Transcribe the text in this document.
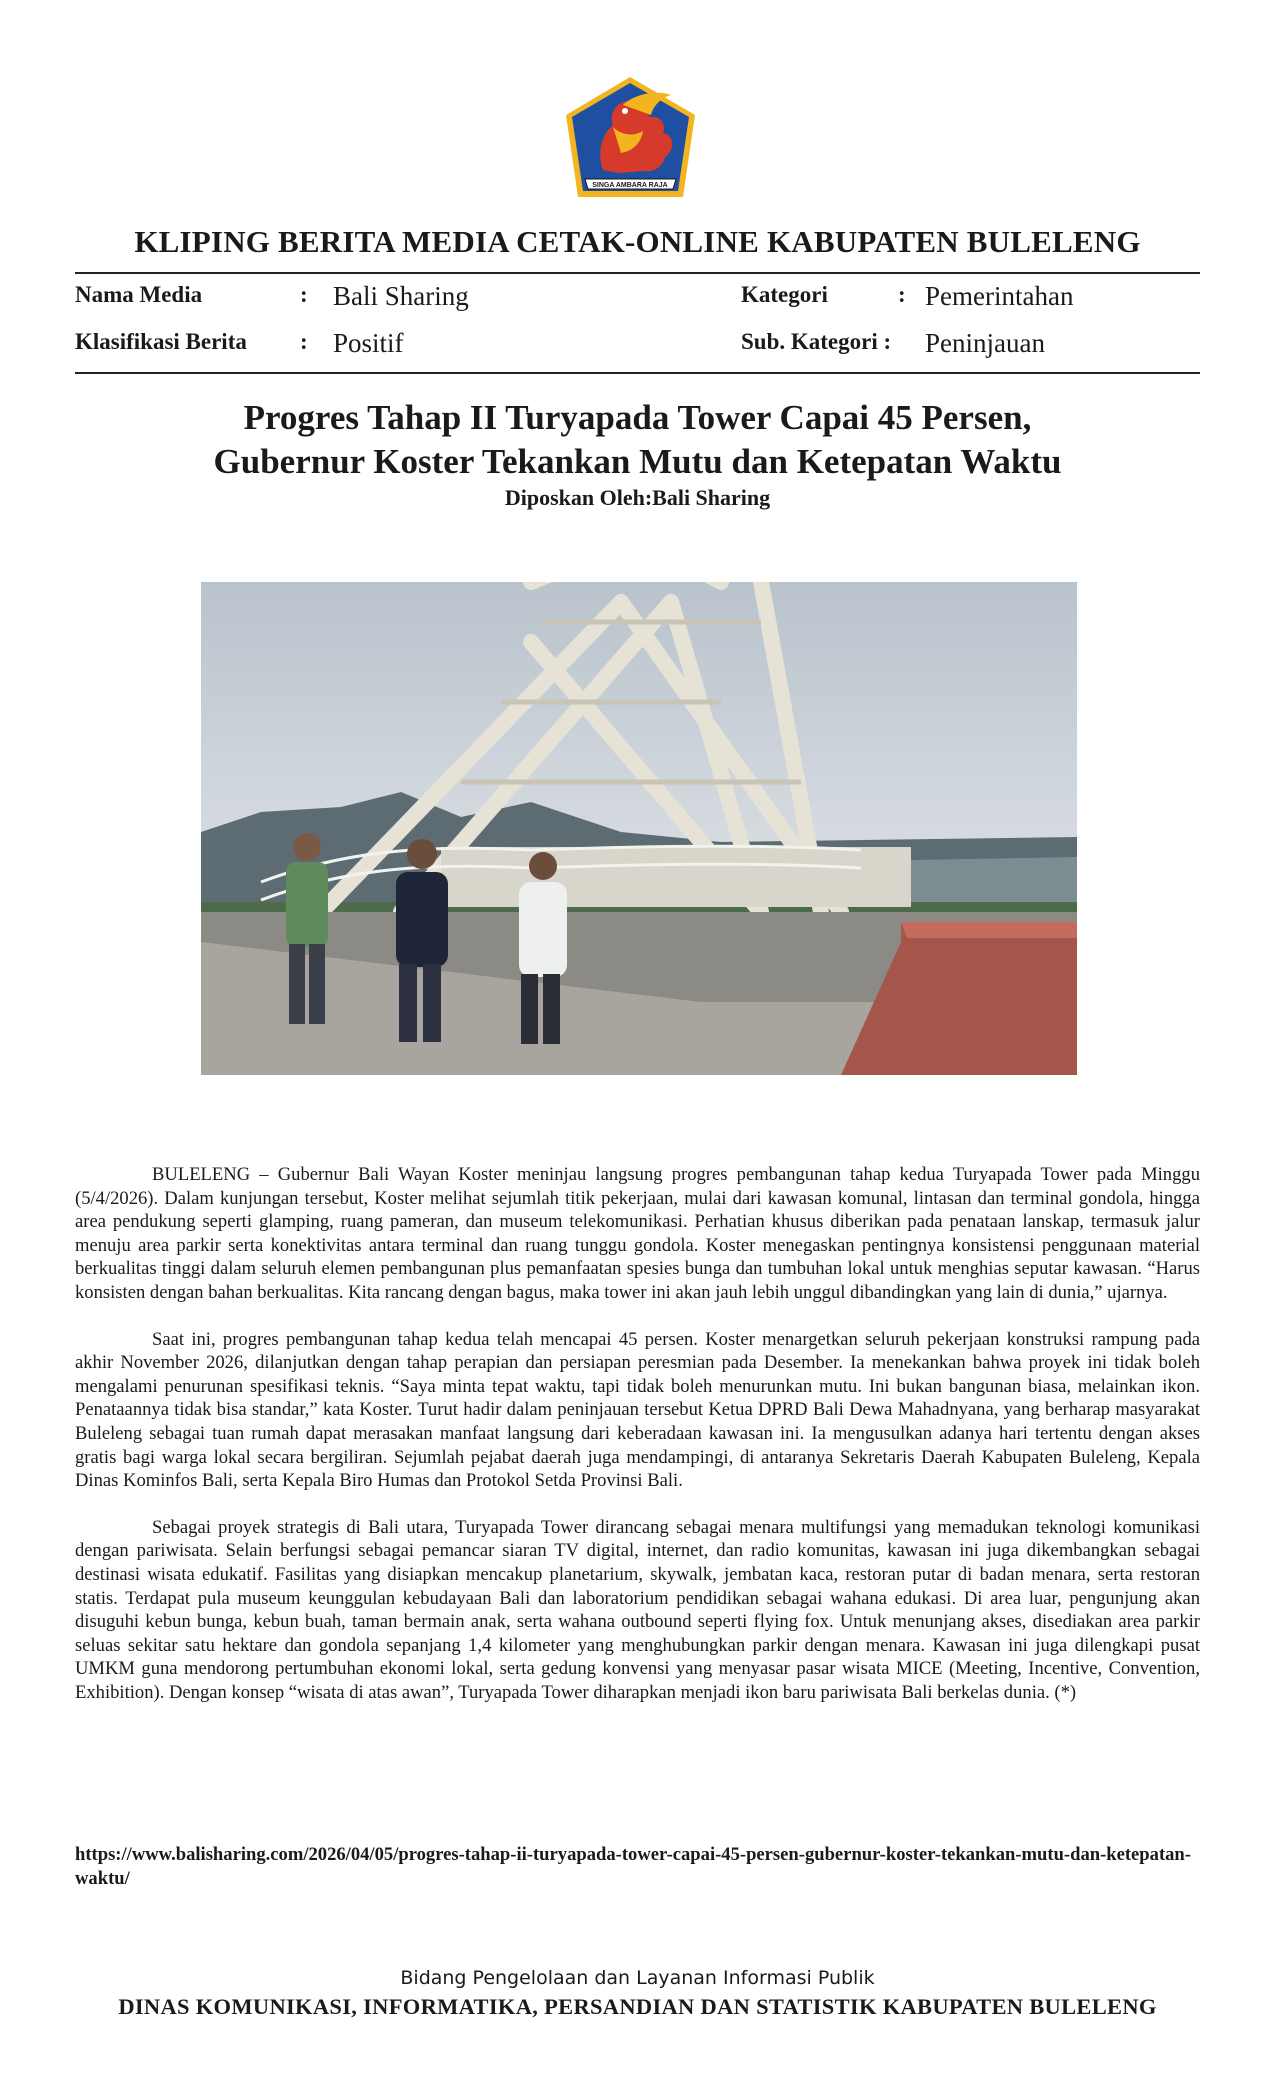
SINGA AMBARA RAJA
KLIPING BERITA MEDIA CETAK-ONLINE KABUPATEN BULELENG
Nama Media	: Bali Sharing	Kategori	: Pemerintahan
Klasifikasi Berita : Positif	Sub. Kategori : Peninjauan
Progres Tahap II Turyapada Tower Capai 45 Persen,
Gubernur Koster Tekankan Mutu dan Ketepatan Waktu
Diposkan Oleh:Bali Sharing

BULELENG – Gubernur Bali Wayan Koster meninjau langsung progres pembangunan tahap kedua Turyapada Tower pada Minggu (5/4/2026). Dalam kunjungan tersebut, Koster melihat sejumlah titik pekerjaan, mulai dari kawasan komunal, lintasan dan terminal gondola, hingga area pendukung seperti glamping, ruang pameran, dan museum telekomunikasi. Perhatian khusus diberikan pada penataan lanskap, termasuk jalur menuju area parkir serta konektivitas antara terminal dan ruang tunggu gondola. Koster menegaskan pentingnya konsistensi penggunaan material berkualitas tinggi dalam seluruh elemen pembangunan plus pemanfaatan spesies bunga dan tumbuhan lokal untuk menghias seputar kawasan. “Harus konsisten dengan bahan berkualitas. Kita rancang dengan bagus, maka tower ini akan jauh lebih unggul dibandingkan yang lain di dunia,” ujarnya.

Saat ini, progres pembangunan tahap kedua telah mencapai 45 persen. Koster menargetkan seluruh pekerjaan konstruksi rampung pada akhir November 2026, dilanjutkan dengan tahap perapian dan persiapan peresmian pada Desember. Ia menekankan bahwa proyek ini tidak boleh mengalami penurunan spesifikasi teknis. “Saya minta tepat waktu, tapi tidak boleh menurunkan mutu. Ini bukan bangunan biasa, melainkan ikon. Penataannya tidak bisa standar,” kata Koster. Turut hadir dalam peninjauan tersebut Ketua DPRD Bali Dewa Mahadnyana, yang berharap masyarakat Buleleng sebagai tuan rumah dapat merasakan manfaat langsung dari keberadaan kawasan ini. Ia mengusulkan adanya hari tertentu dengan akses gratis bagi warga lokal secara bergiliran. Sejumlah pejabat daerah juga mendampingi, di antaranya Sekretaris Daerah Kabupaten Buleleng, Kepala Dinas Kominfos Bali, serta Kepala Biro Humas dan Protokol Setda Provinsi Bali.

Sebagai proyek strategis di Bali utara, Turyapada Tower dirancang sebagai menara multifungsi yang memadukan teknologi komunikasi dengan pariwisata. Selain berfungsi sebagai pemancar siaran TV digital, internet, dan radio komunitas, kawasan ini juga dikembangkan sebagai destinasi wisata edukatif. Fasilitas yang disiapkan mencakup planetarium, skywalk, jembatan kaca, restoran putar di badan menara, serta restoran statis. Terdapat pula museum keunggulan kebudayaan Bali dan laboratorium pendidikan sebagai wahana edukasi. Di area luar, pengunjung akan disuguhi kebun bunga, kebun buah, taman bermain anak, serta wahana outbound seperti flying fox. Untuk menunjang akses, disediakan area parkir seluas sekitar satu hektare dan gondola sepanjang 1,4 kilometer yang menghubungkan parkir dengan menara. Kawasan ini juga dilengkapi pusat UMKM guna mendorong pertumbuhan ekonomi lokal, serta gedung konvensi yang menyasar pasar wisata MICE (Meeting, Incentive, Convention, Exhibition). Dengan konsep “wisata di atas awan”, Turyapada Tower diharapkan menjadi ikon baru pariwisata Bali berkelas dunia. (*)

https://www.balisharing.com/2026/04/05/progres-tahap-ii-turyapada-tower-capai-45-persen-gubernur-koster-tekankan-mutu-dan-ketepatan-waktu/
Bidang Pengelolaan dan Layanan Informasi Publik
DINAS KOMUNIKASI, INFORMATIKA, PERSANDIAN DAN STATISTIK KABUPATEN BULELENG
